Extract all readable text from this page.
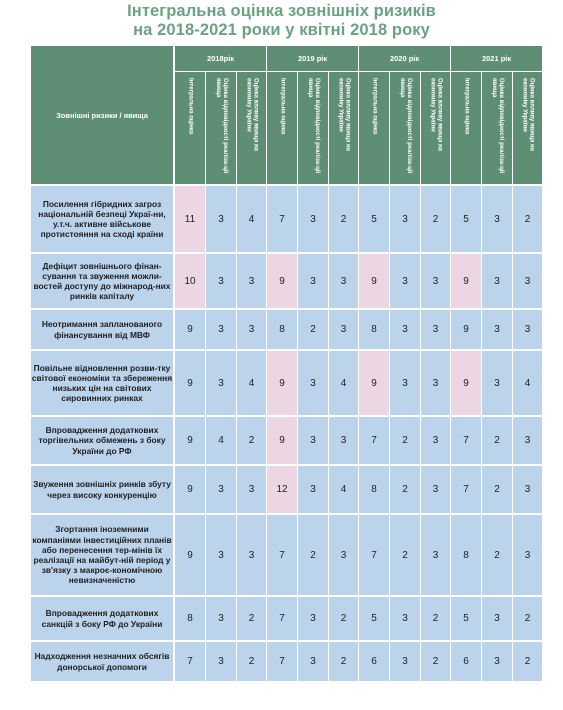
Інтегральна оцінка зовнішніх ризиків
на 2018-2021 роки у квітні 2018 року
Зовнішні ризики / явища	2018рік			2019 рік			2020 рік			2021 рік		

	Інтегральна оцінка	Оцінка відповідності реаліза-ції явища	Оцінка впливу явища на економіку України	Інтегральна оцінка	Оцінка відповідності реаліза-ції явища	Оцінка впливу явища на економіку України	Інтегральна оцінка	Оцінка відповідності реаліза-ції явища	Оцінка впливу явища на економіку України	Інтегральна оцінка	Оцінка відповідності реаліза-ції явища	Оцінка впливу явища на економіку України

Посилення гібридних загроз національній безпеці Украї-ни, у.т.ч. активне військове протистояння на сході країни	11	3	4	7	3	2	5	3	2	5	3	2
Дефіцит зовнішнього фінан-сування та звуження можли-востей доступу до міжнарод-них ринків капіталу	10	3	3	9	3	3	9	3	3	9	3	3
Неотримання запланованого фінансування від МВФ	9	3	3	8	2	3	8	3	3	9	3	3
Повільне відновлення розви-тку світової економіки та збереження низьких цін на світових сировинних ринках	9	3	4	9	3	4	9	3	3	9	3	4
Впровадження додаткових торгівельних обмежень з боку України до РФ	9	4	2	9	3	3	7	2	3	7	2	3
Звуження зовнішніх ринків збуту через високу конкуренцію	9	3	3	12	3	4	8	2	3	7	2	3
Згортання іноземними компаніями інвестиційних планів або перенесення тер-мінів їх реалізації на майбут-ній період у зв'язку з макроє-кономічною невизначеністю	9	3	3	7	2	3	7	2	3	8	2	3
Впровадження додаткових санкцій з боку РФ до України	8	3	2	7	3	2	5	3	2	5	3	2
Надходження незначних обсягів донорської допомоги	7	3	2	7	3	2	6	3	2	6	3	2
